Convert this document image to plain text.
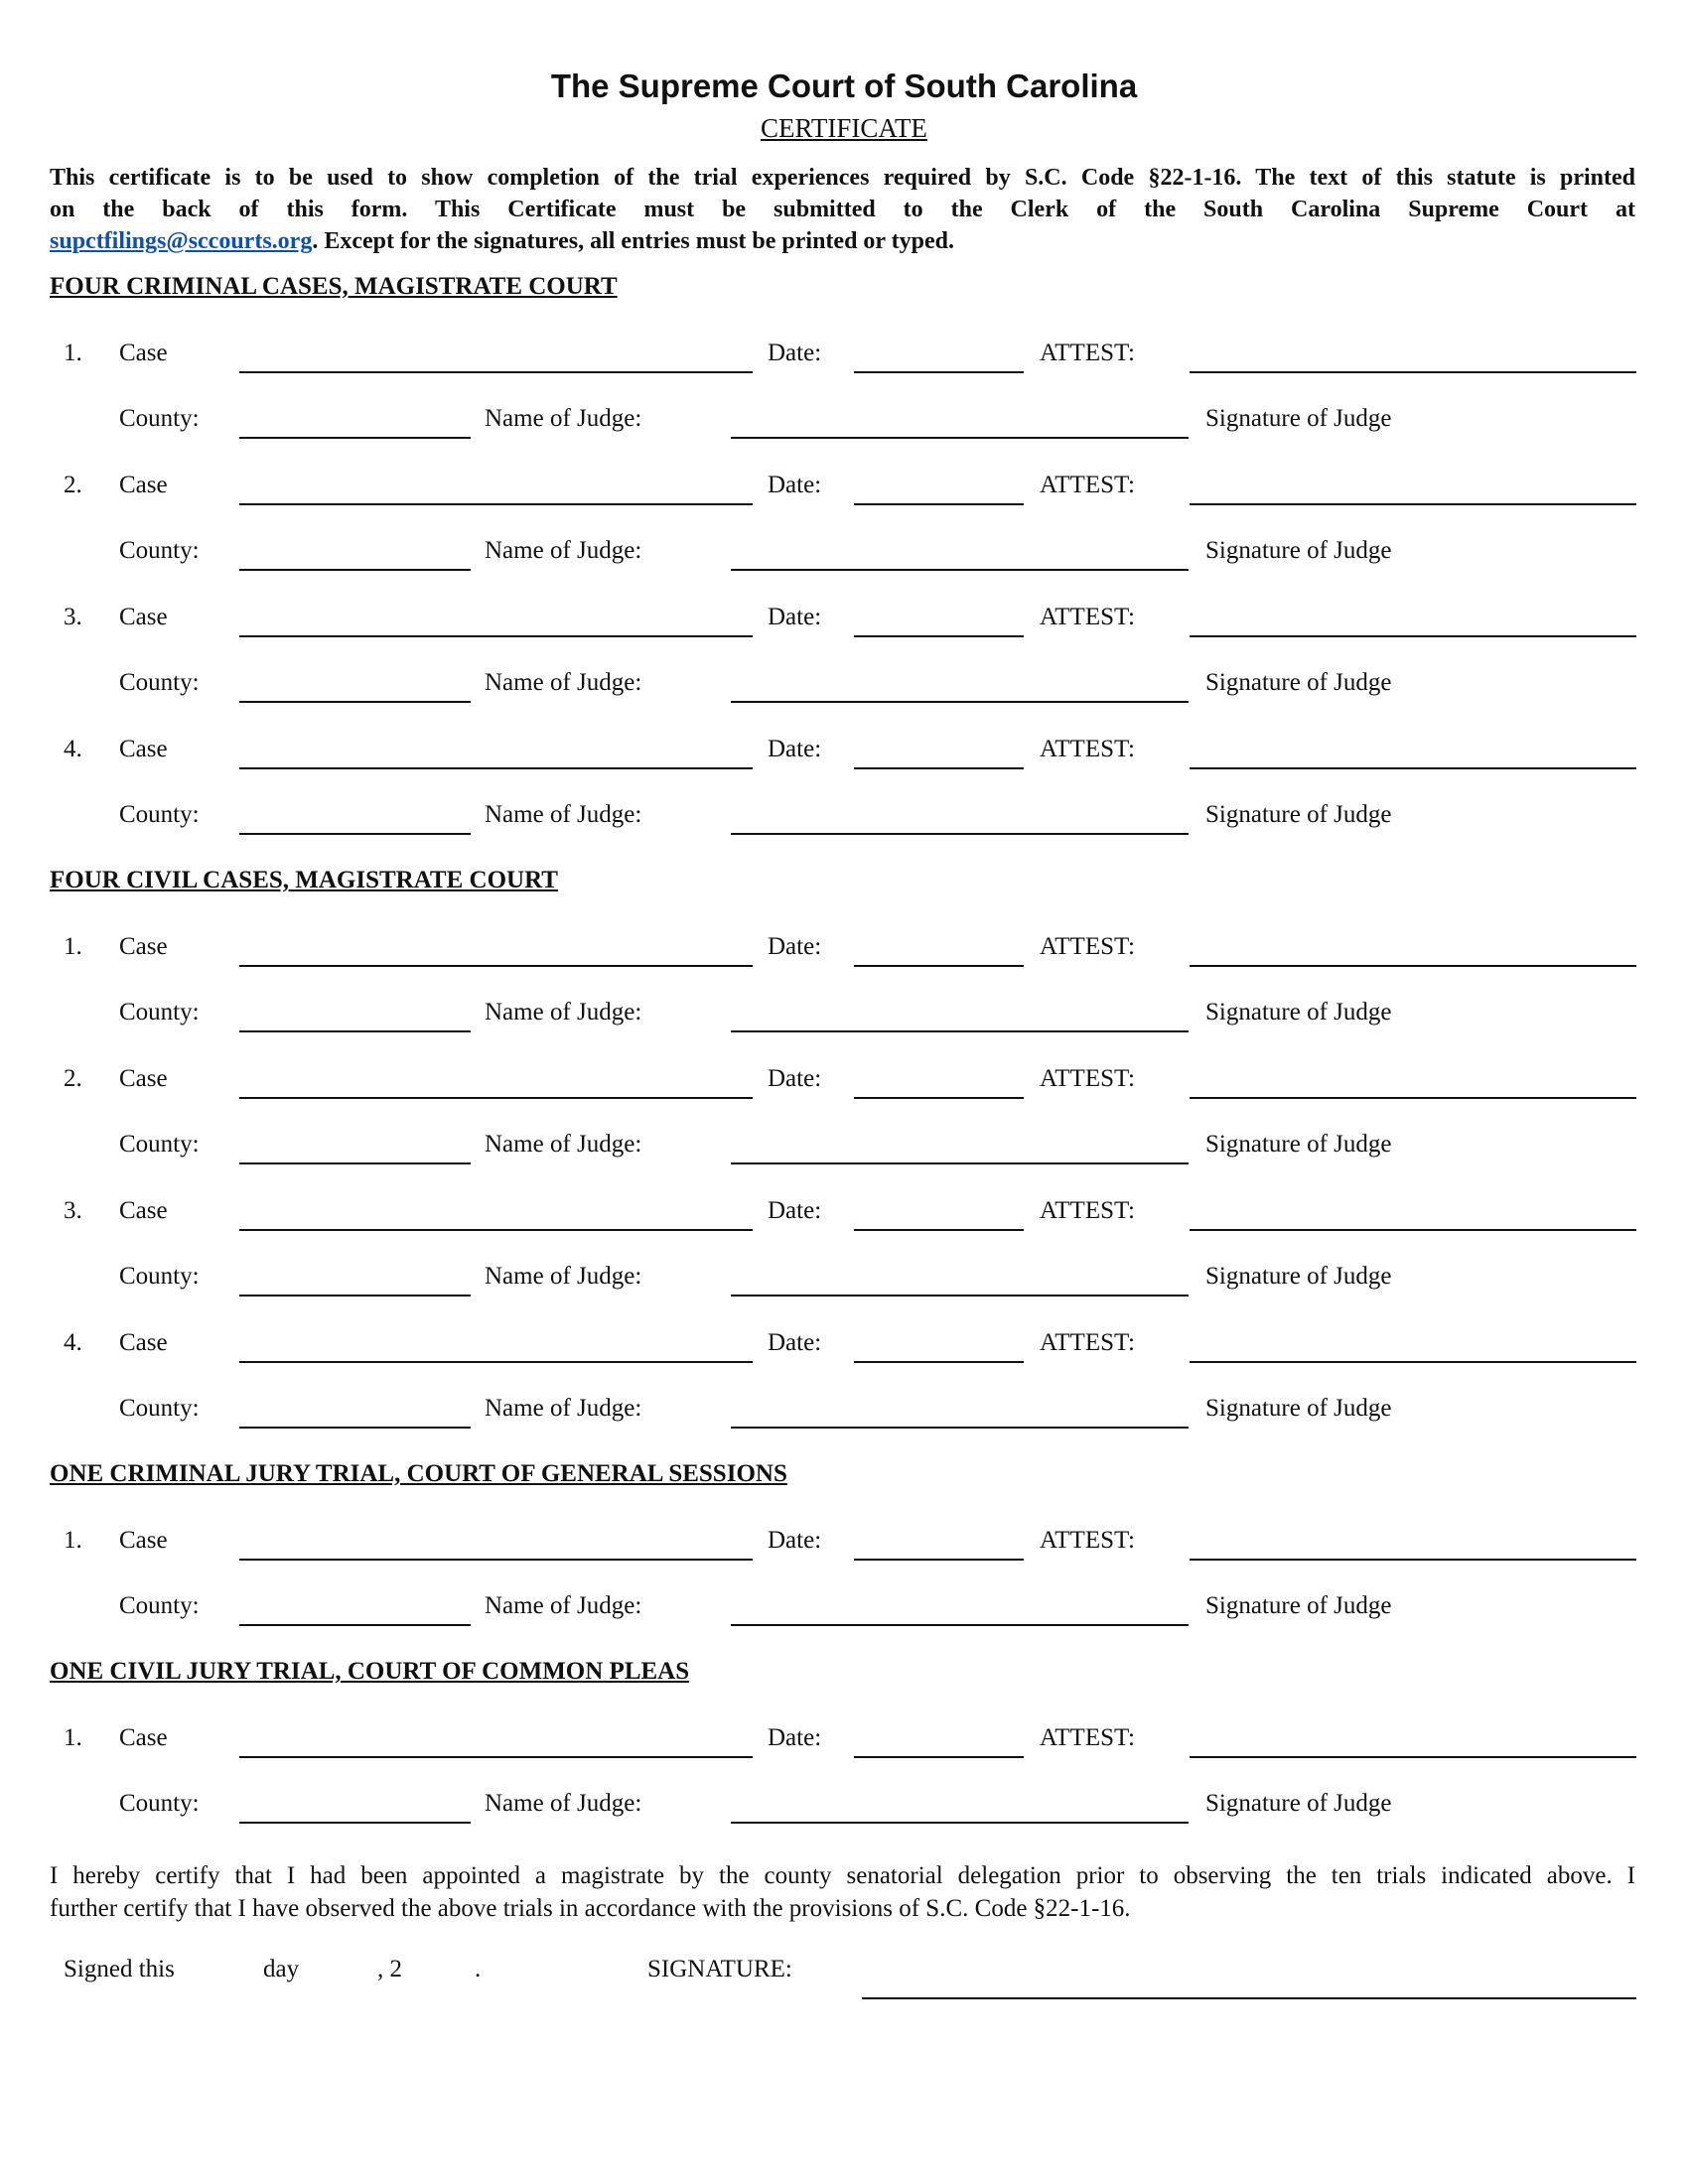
The Supreme Court of South Carolina
CERTIFICATE
This certificate is to be used to show completion of the trial experiences required by S.C. Code §22-1-16. The text of this statute is printed
on the back of this form. This Certificate must be submitted to the Clerk of the South Carolina Supreme Court at
supctfilings@sccourts.org. Except for the signatures, all entries must be printed or typed.
FOUR CRIMINAL CASES, MAGISTRATE COURT
1. Case	Date:	ATTEST:
County:	Name of Judge:	Signature of Judge
2. Case	Date:	ATTEST:
County:	Name of Judge:	Signature of Judge
3. Case	Date:	ATTEST:
County:	Name of Judge:	Signature of Judge
4. Case	Date:	ATTEST:
County:	Name of Judge:	Signature of Judge
FOUR CIVIL CASES, MAGISTRATE COURT
1. Case	Date:	ATTEST:
County:	Name of Judge:	Signature of Judge
2. Case	Date:	ATTEST:
County:	Name of Judge:	Signature of Judge
3. Case	Date:	ATTEST:
County:	Name of Judge:	Signature of Judge
4. Case	Date:	ATTEST:
County:	Name of Judge:	Signature of Judge
ONE CRIMINAL JURY TRIAL, COURT OF GENERAL SESSIONS
1. Case	Date:	ATTEST:
County:	Name of Judge:	Signature of Judge
ONE CIVIL JURY TRIAL, COURT OF COMMON PLEAS
1. Case	Date:	ATTEST:
County:	Name of Judge:	Signature of Judge
I hereby certify that I had been appointed a magistrate by the county senatorial delegation prior to observing the ten trials indicated above. I
further certify that I have observed the above trials in accordance with the provisions of S.C. Code §22-1-16.
Signed this	day	, 2	.	SIGNATURE:
